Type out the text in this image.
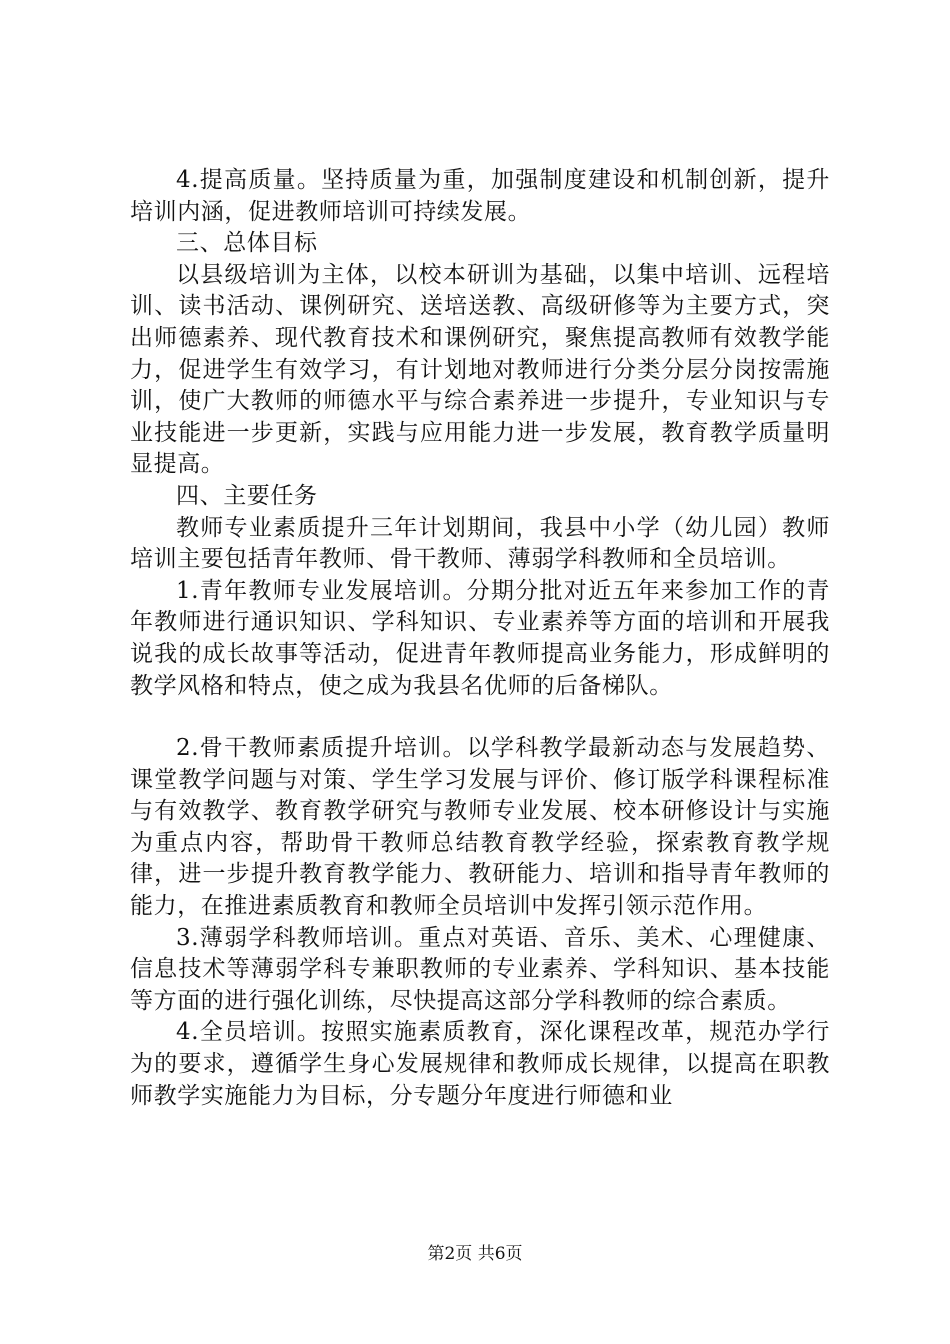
4.提高质量。坚持质量为重，加强制度建设和机制创新，提升培训内涵，促进教师培训可持续发展。

三、总体目标

以县级培训为主体，以校本研训为基础，以集中培训、远程培训、读书活动、课例研究、送培送教、高级研修等为主要方式，突出师德素养、现代教育技术和课例研究，聚焦提高教师有效教学能力，促进学生有效学习，有计划地对教师进行分类分层分岗按需施训，使广大教师的师德水平与综合素养进一步提升，专业知识与专业技能进一步更新，实践与应用能力进一步发展，教育教学质量明显提高。

四、主要任务

教师专业素质提升三年计划期间，我县中小学（幼儿园）教师培训主要包括青年教师、骨干教师、薄弱学科教师和全员培训。

1.青年教师专业发展培训。分期分批对近五年来参加工作的青年教师进行通识知识、学科知识、专业素养等方面的培训和开展我说我的成长故事等活动，促进青年教师提高业务能力，形成鲜明的教学风格和特点，使之成为我县名优师的后备梯队。

2.骨干教师素质提升培训。以学科教学最新动态与发展趋势、课堂教学问题与对策、学生学习发展与评价、修订版学科课程标准与有效教学、教育教学研究与教师专业发展、校本研修设计与实施为重点内容，帮助骨干教师总结教育教学经验，探索教育教学规律，进一步提升教育教学能力、教研能力、培训和指导青年教师的能力，在推进素质教育和教师全员培训中发挥引领示范作用。

3.薄弱学科教师培训。重点对英语、音乐、美术、心理健康、信息技术等薄弱学科专兼职教师的专业素养、学科知识、基本技能等方面的进行强化训练，尽快提高这部分学科教师的综合素质。

4.全员培训。按照实施素质教育，深化课程改革，规范办学行为的要求，遵循学生身心发展规律和教师成长规律，以提高在职教师教学实施能力为目标，分专题分年度进行师德和业

第2页 共6页
